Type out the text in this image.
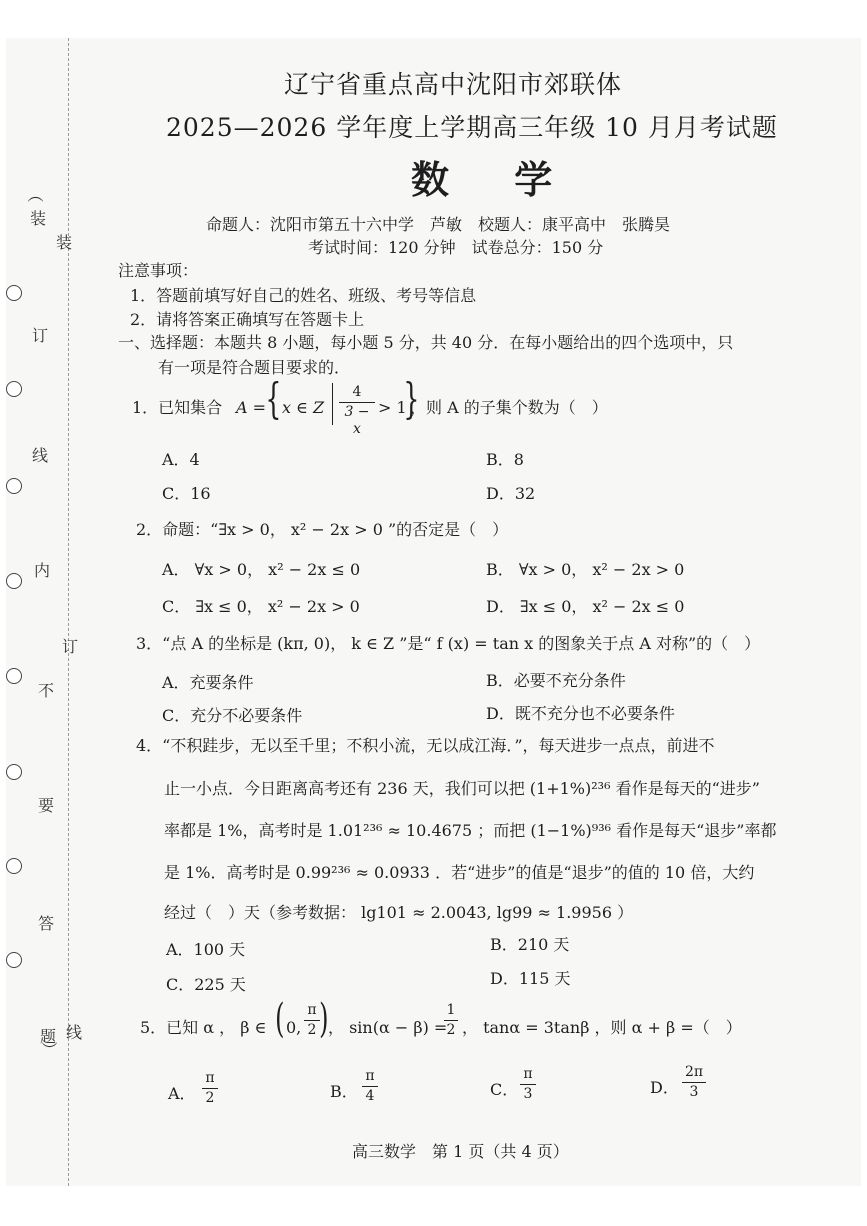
（
装
订
线
内
不
要
答
题
）
装
订
线
辽宁省重点高中沈阳市郊联体
2025—2026 学年度上学期高三年级 10 月月考试题
数 学
命题人：沈阳市第五十六中学　芦敏　校题人：康平高中　张腾昊
考试时间：120 分钟　试卷总分：150 分
注意事项：
1．答题前填写好自己的姓名、班级、考号等信息
2．请将答案正确填写在答题卡上
一、选择题：本题共 8 小题，每小题 5 分，共 40 分．在每小题给出的四个选项中，只
有一项是符合题目要求的．
1．已知集合 A = { x ∈ Z
4
3 − x
> 1
}
，则 A 的子集个数为（　）
A．4	B．8
C．16	D．32
2．命题：“∃x > 0， x² − 2x > 0 ”的否定是（　）
A． ∀x > 0， x² − 2x ≤ 0	B． ∀x > 0， x² − 2x > 0
C． ∃x ≤ 0， x² − 2x > 0	D． ∃x ≤ 0， x² − 2x ≤ 0
3．“点 A 的坐标是 (kπ, 0)， k ∈ Z ”是“ f (x) = tan x 的图象关于点 A 对称”的（　）
A．充要条件	B．必要不充分条件
C．充分不必要条件	D．既不充分也不必要条件
4．“不积跬步，无以至千里；不积小流，无以成江海．”，每天进步一点点，前进不
止一小点．今日距离高考还有 236 天，我们可以把 (1+1%)²³⁶ 看作是每天的“进步”
率都是 1%，高考时是 1.01²³⁶ ≈ 10.4675 ；而把 (1−1%)⁹³⁶ 看作是每天“退步”率都
是 1%．高考时是 0.99²³⁶ ≈ 0.0933 ．若“进步”的值是“退步”的值的 10 倍，大约
经过（　）天（参考数据： lg101 ≈ 2.0043, lg99 ≈ 1.9956 ）
A．100 天	B．210 天
C．225 天	D．115 天
5．已知 α ， β ∈ ( 0,
π
2 ) ， sin(α − β) =
1
2 ， tanα = 3tanβ ，则 α + β =（　）
A．
π
2	B．
π
4	C．
π
3	D．
2π
3
高三数学　第 1 页（共 4 页）
